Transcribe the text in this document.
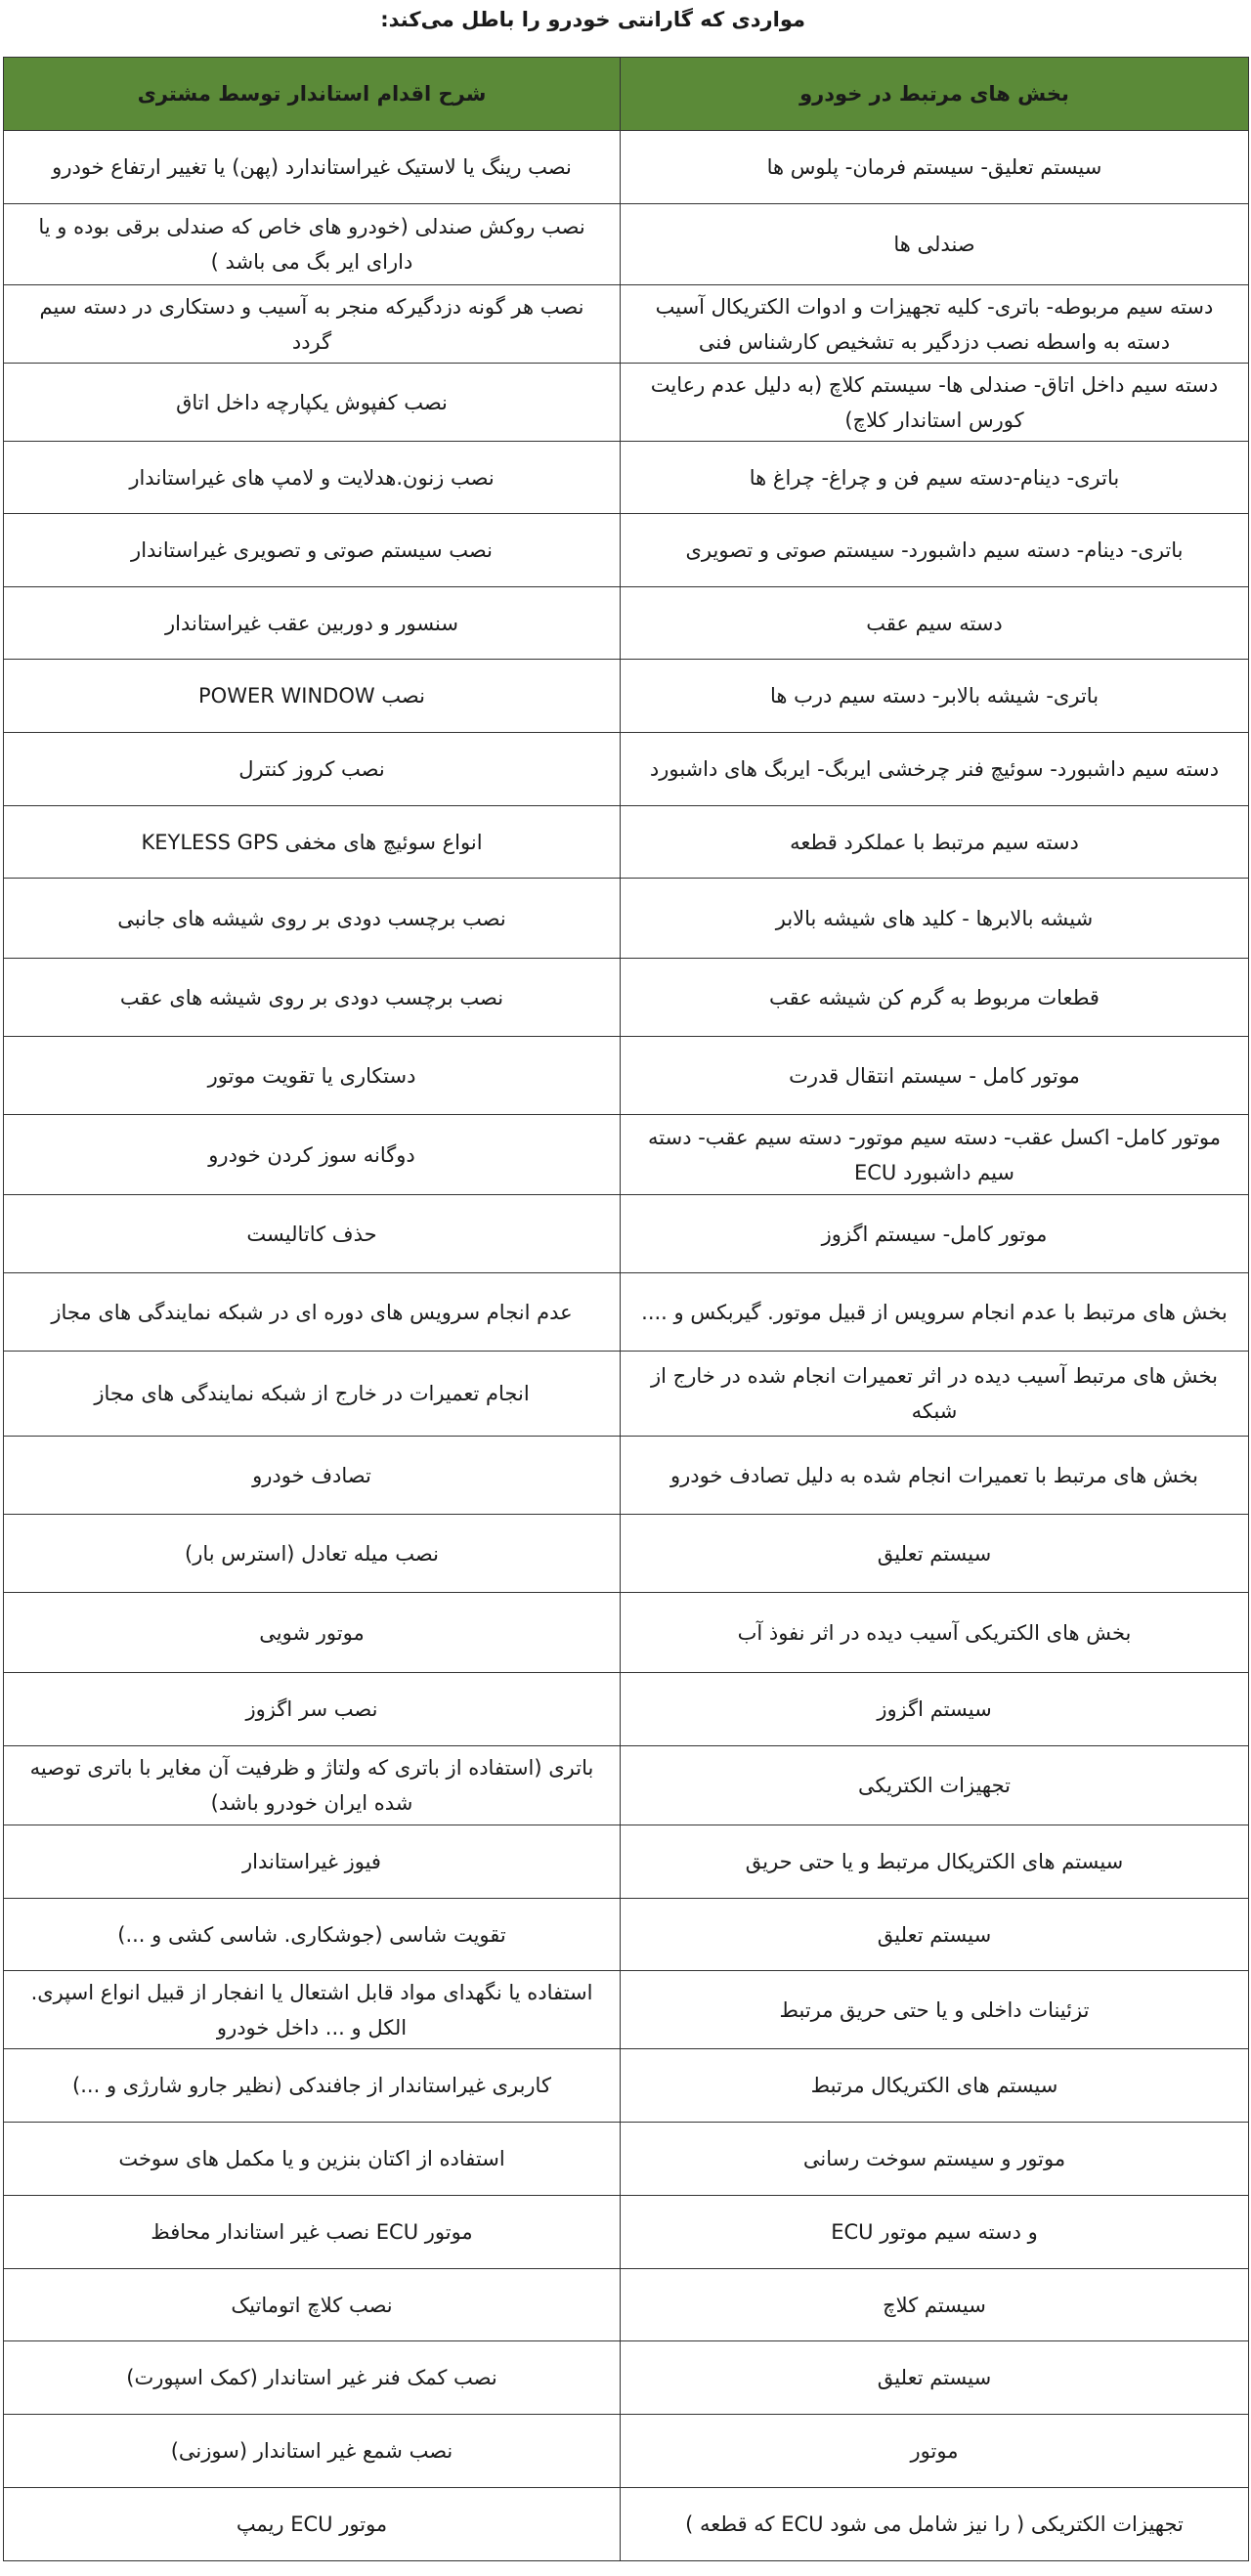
مواردی که گارانتی خودرو را باطل می‌کند:
بخش های مرتبط در خودرو	شرح اقدام استاندار توسط مشتری
سیستم تعلیق- سیستم فرمان- پلوس ها	نصب رینگ یا لاستیک غیراستاندارد (پهن) یا تغییر ارتفاع خودرو
صندلی ها	نصب روکش صندلی (خودرو های خاص که صندلی برقی بوده و یا دارای ایر بگ می باشد )
دسته سیم مربوطه- باتری- کلیه تجهیزات و ادوات الکتریکال آسیب دسته به واسطه نصب دزدگیر به تشخیص کارشناس فنی	نصب هر گونه دزدگیرکه منجر به آسیب و دستکاری در دسته سیم گردد
دسته سیم داخل اتاق- صندلی ها- سیستم کلاچ (به دلیل عدم رعایت کورس استاندار کلاچ)	نصب کفپوش یکپارچه داخل اتاق
باتری- دینام-دسته سیم فن و چراغ- چراغ ها	نصب زنون.هدلایت و لامپ های غیراستاندار
باتری- دینام- دسته سیم داشبورد- سیستم صوتی و تصویری	نصب سیستم صوتی و تصویری غیراستاندار
دسته سیم عقب	سنسور و دوربین عقب غیراستاندار
باتری- شیشه بالابر- دسته سیم درب ها	نصب POWER WINDOW
دسته سیم داشبورد- سوئیچ فنر چرخشی ایربگ- ایربگ های داشبورد	نصب کروز کنترل
دسته سیم مرتبط با عملکرد قطعه	انواع سوئیچ های مخفی KEYLESS GPS
شیشه بالابرها - کلید های شیشه بالابر	نصب برچسب دودی بر روی شیشه های جانبی
قطعات مربوط به گرم کن شیشه عقب	نصب برچسب دودی بر روی شیشه های عقب
موتور کامل - سیستم انتقال قدرت	دستکاری یا تقویت موتور
موتور کامل- اکسل عقب- دسته سیم موتور- دسته سیم عقب- دسته سیم داشبورد ECU	دوگانه سوز کردن خودرو
موتور کامل- سیستم اگزوز	حذف کاتالیست
بخش های مرتبط با عدم انجام سرویس از قبیل موتور. گیربکس و ....	عدم انجام سرویس های دوره ای در شبکه نمایندگی های مجاز
بخش های مرتبط آسیب دیده در اثر تعمیرات انجام شده در خارج از شبکه	انجام تعمیرات در خارج از شبکه نمایندگی های مجاز
بخش های مرتبط با تعمیرات انجام شده به دلیل تصادف خودرو	تصادف خودرو
سیستم تعلیق	نصب میله تعادل (استرس بار)
بخش های الکتریکی آسیب دیده در اثر نفوذ آب	موتور شویی
سیستم اگزوز	نصب سر اگزوز
تجهیزات الکتریکی	باتری (استفاده از باتری که ولتاژ و ظرفیت آن مغایر با باتری توصیه شده ایران خودرو باشد)
سیستم های الکتریکال مرتبط و یا حتی حریق	فیوز غیراستاندار
سیستم تعلیق	تقویت شاسی (جوشکاری. شاسی کشی و ...)
تزئینات داخلی و یا حتی حریق مرتبط	استفاده یا نگهدای مواد قابل اشتعال یا انفجار از قبیل انواع اسپری. الکل و ... داخل خودرو
سیستم های الکتریکال مرتبط	کاربری غیراستاندار از جافندکی (نظیر جارو شارژی و ...)
موتور و سیستم سوخت رسانی	استفاده از اکتان بنزین و یا مکمل های سوخت
و دسته سیم موتور ECU	موتور ECU نصب غیر استاندار محافظ
سیستم کلاچ	نصب کلاچ اتوماتیک
سیستم تعلیق	نصب کمک فنر غیر استاندار (کمک اسپورت)
موتور	نصب شمع غیر استاندار (سوزنی)
تجهیزات الکتریکی ( را نیز شامل می شود ECU که قطعه )	موتور ECU ریمپ
